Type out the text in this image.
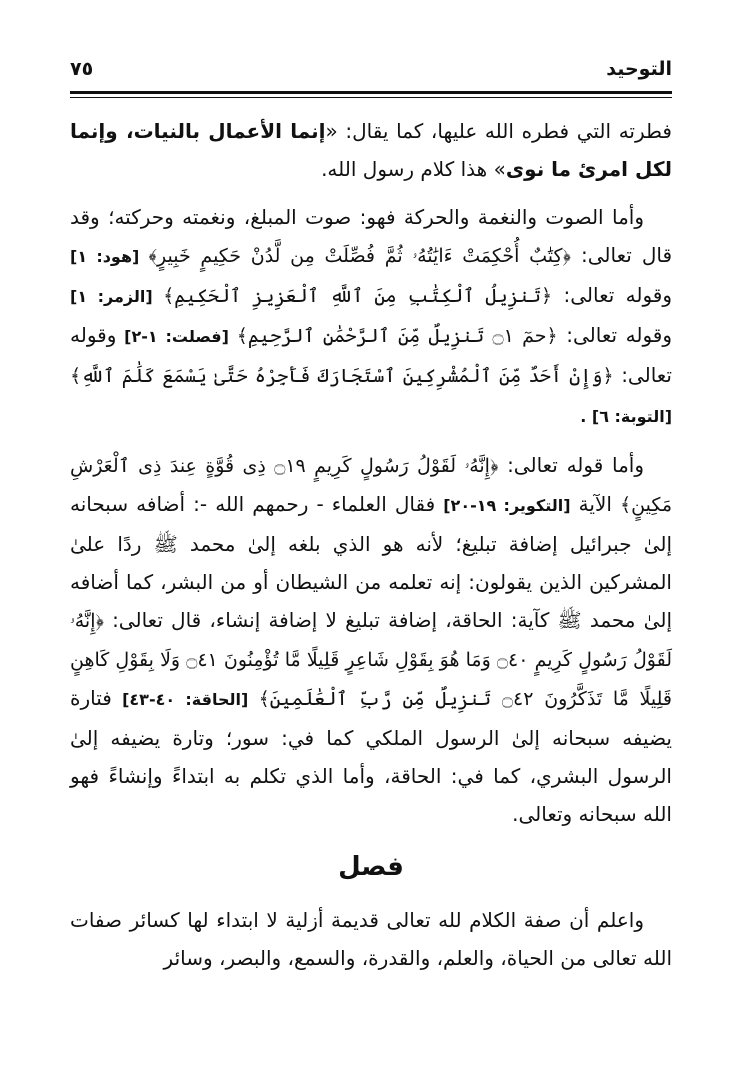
التوحيد
٧٥

فطرته التي فطره الله عليها، كما يقال: «إنما الأعمال بالنيات، وإنما لكل امرئ ما نوى» هذا كلام رسول الله.

وأما الصوت والنغمة والحركة فهو: صوت المبلغ، ونغمته وحركته؛ وقد قال تعالى: ﴿كِتَٰبٌ أُحْكِمَتْ ءَايَٰتُهُۥ ثُمَّ فُصِّلَتْ مِن لَّدُنْ حَكِيمٍ خَبِيرٍ﴾ [هود: ١] وقوله تعالى: ﴿تَنزِيلُ ٱلْكِتَٰبِ مِنَ ٱللَّهِ ٱلْعَزِيزِ ٱلْحَكِيمِ﴾ [الزمر: ١] وقوله تعالى: ﴿حمٓ ۝١ تَنزِيلٌ مِّنَ ٱلرَّحْمَٰنِ ٱلرَّحِيمِ﴾ [فصلت: ١-٢] وقوله تعالى: ﴿وَإِنْ أَحَدٌ مِّنَ ٱلْمُشْرِكِينَ ٱسْتَجَارَكَ فَأَجِرْهُ حَتَّىٰ يَسْمَعَ كَلَٰمَ ٱللَّهِ﴾ [التوبة: ٦] .

وأما قوله تعالى: ﴿إِنَّهُۥ لَقَوْلُ رَسُولٍ كَرِيمٍ ۝١٩ ذِى قُوَّةٍ عِندَ ذِى ٱلْعَرْشِ مَكِينٍ﴾ الآية [التكوير: ١٩-٢٠] فقال العلماء - رحمهم الله -: أضافه سبحانه إلىٰ جبرائيل إضافة تبليغ؛ لأنه هو الذي بلغه إلىٰ محمد ﷺ ردًا علىٰ المشركين الذين يقولون: إنه تعلمه من الشيطان أو من البشر، كما أضافه إلىٰ محمد ﷺ كآية: الحاقة، إضافة تبليغ لا إضافة إنشاء، قال تعالى: ﴿إِنَّهُۥ لَقَوْلُ رَسُولٍ كَرِيمٍ ۝٤٠ وَمَا هُوَ بِقَوْلِ شَاعِرٍ قَلِيلًا مَّا تُؤْمِنُونَ ۝٤١ وَلَا بِقَوْلِ كَاهِنٍ قَلِيلًا مَّا تَذَكَّرُونَ ۝٤٢ تَنزِيلٌ مِّن رَّبِّ ٱلْعَٰلَمِينَ﴾ [الحاقة: ٤٠-٤٣] فتارة يضيفه سبحانه إلىٰ الرسول الملكي كما في: سور؛ وتارة يضيفه إلىٰ الرسول البشري، كما في: الحاقة، وأما الذي تكلم به ابتداءً وإنشاءً فهو الله سبحانه وتعالى.

فصل

واعلم أن صفة الكلام لله تعالى قديمة أزلية لا ابتداء لها كسائر صفات الله تعالى من الحياة، والعلم، والقدرة، والسمع، والبصر، وسائر
